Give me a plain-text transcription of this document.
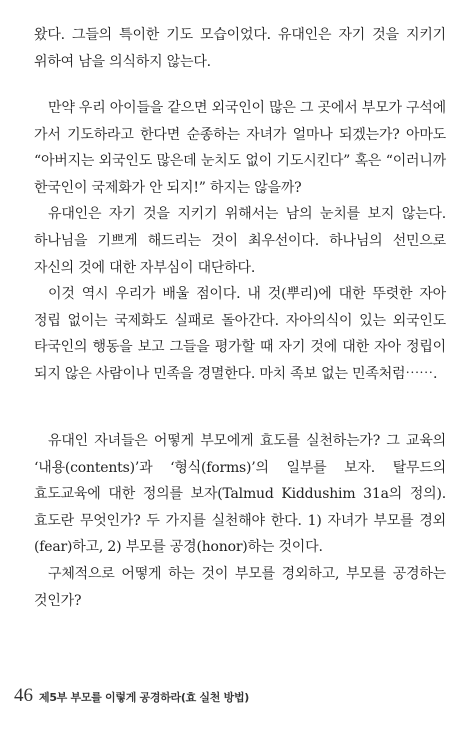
왔다. 그들의 특이한 기도 모습이었다. 유대인은 자기 것을 지키기 위하여 남을 의식하지 않는다.

만약 우리 아이들을 같으면 외국인이 많은 그 곳에서 부모가 구석에 가서 기도하라고 한다면 순종하는 자녀가 얼마나 되겠는가? 아마도 “아버지는 외국인도 많은데 눈치도 없이 기도시킨다” 혹은 “이러니까 한국인이 국제화가 안 되지!” 하지는 않을까?

유대인은 자기 것을 지키기 위해서는 남의 눈치를 보지 않는다. 하나님을 기쁘게 해드리는 것이 최우선이다. 하나님의 선민으로 자신의 것에 대한 자부심이 대단하다.

이것 역시 우리가 배울 점이다. 내 것(뿌리)에 대한 뚜렷한 자아 정립 없이는 국제화도 실패로 돌아간다. 자아의식이 있는 외국인도 타국인의 행동을 보고 그들을 평가할 때 자기 것에 대한 자아 정립이 되지 않은 사람이나 민족을 경멸한다. 마치 족보 없는 민족처럼⋯⋯.

유대인 자녀들은 어떻게 부모에게 효도를 실천하는가? 그 교육의 ‘내용(contents)’과 ‘형식(forms)’의 일부를 보자. 탈무드의 효도교육에 대한 정의를 보자(Talmud Kiddushim 31a의 정의). 효도란 무엇인가? 두 가지를 실천해야 한다. 1) 자녀가 부모를 경외(fear)하고, 2) 부모를 공경(honor)하는 것이다.

구체적으로 어떻게 하는 것이 부모를 경외하고, 부모를 공경하는 것인가?

46 제5부 부모를 이렇게 공경하라(효 실천 방법)
